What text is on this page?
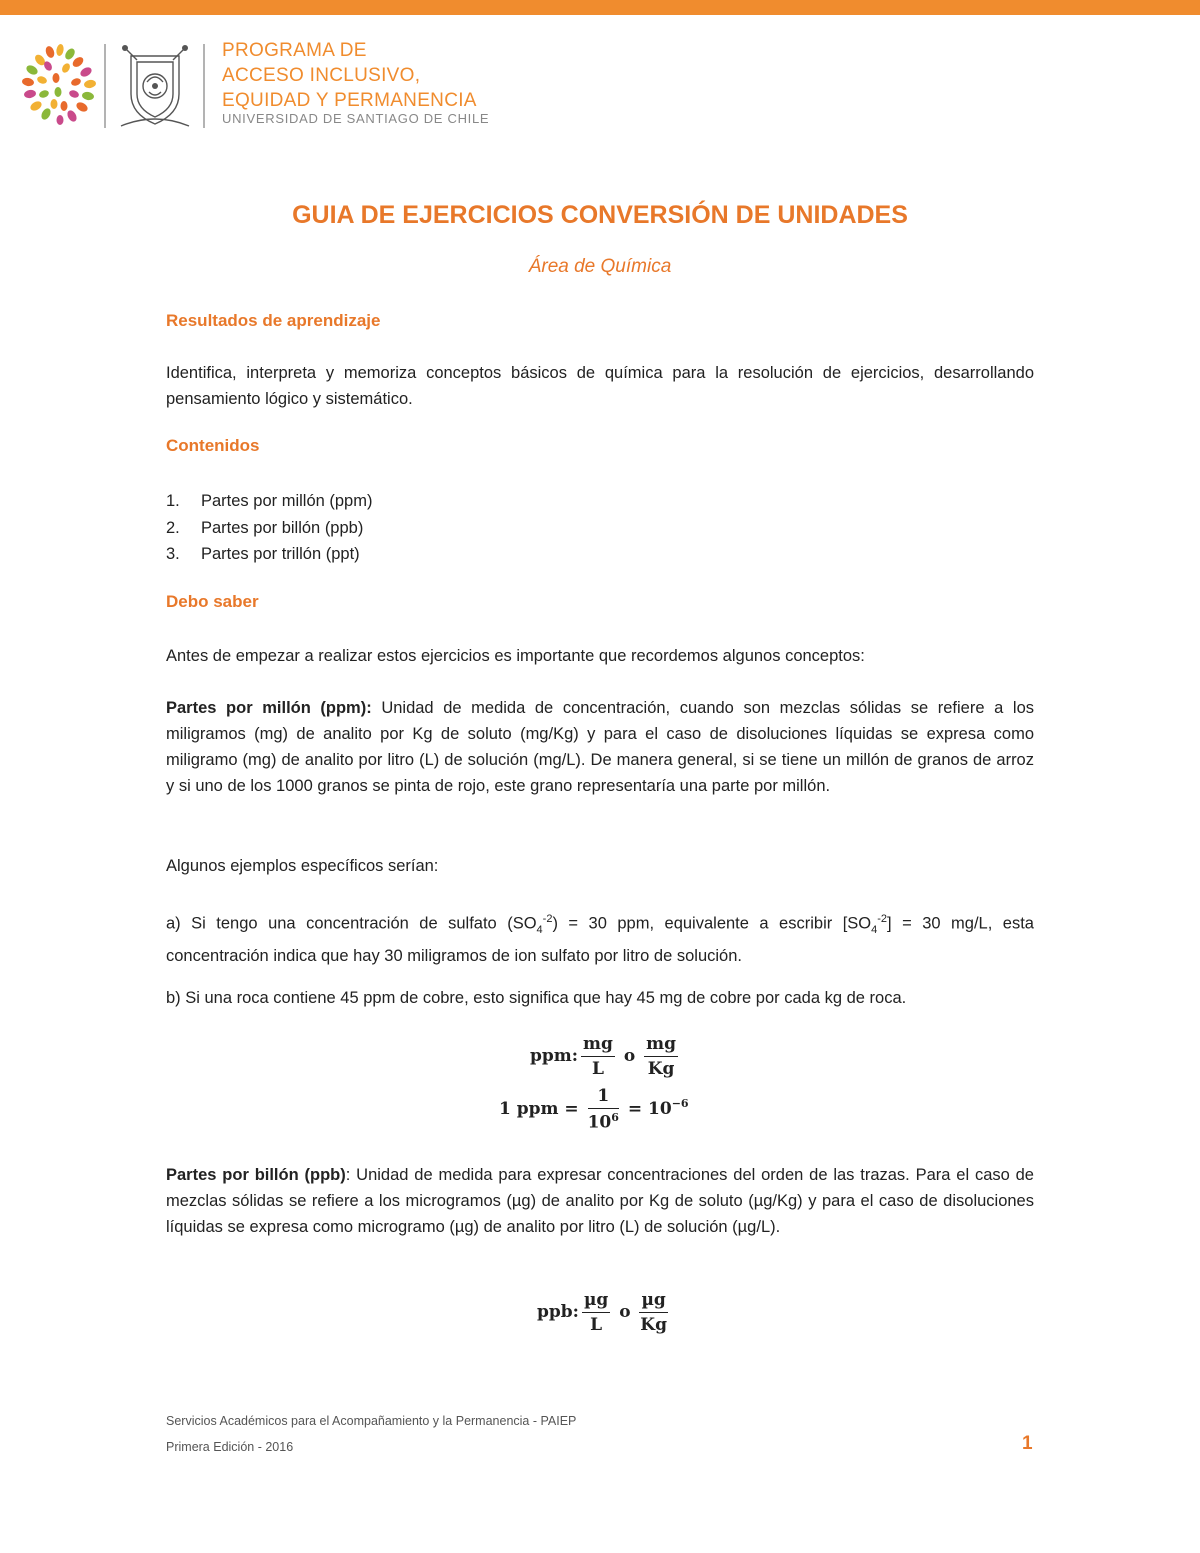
PROGRAMA DE
ACCESO INCLUSIVO,
EQUIDAD Y PERMANENCIA
UNIVERSIDAD DE SANTIAGO DE CHILE
GUIA DE EJERCICIOS CONVERSIÓN DE UNIDADES
Área de Química
Resultados de aprendizaje
Identifica, interpreta y memoriza conceptos básicos de química para la resolución de ejercicios, desarrollando pensamiento lógico y sistemático.
Contenidos
1. Partes por millón (ppm)
2. Partes por billón (ppb)
3. Partes por trillón (ppt)
Debo saber
Antes de empezar a realizar estos ejercicios es importante que recordemos algunos conceptos:
Partes por millón (ppm): Unidad de medida de concentración, cuando son mezclas sólidas se refiere a los miligramos (mg) de analito por Kg de soluto (mg/Kg) y para el caso de disoluciones líquidas se expresa como miligramo (mg) de analito por litro (L) de solución (mg/L). De manera general, si se tiene un millón de granos de arroz y si uno de los 1000 granos se pinta de rojo, este grano representaría una parte por millón.
Algunos ejemplos específicos serían:
a) Si tengo una concentración de sulfato $(SO_4^{-2}) = 30$ ppm, equivalente a escribir $[SO_4^{-2}] = 30$ mg/L, esta concentración indica que hay 30 miligramos de ion sulfato por litro de solución.
b) Si una roca contiene 45 ppm de cobre, esto significa que hay 45 mg de cobre por cada kg de roca.
ppm: $\frac{mg}{L}$ o $\frac{mg}{Kg}$
1 ppm = $\frac{1}{10^6} = 10^{-6}$
Partes por billón (ppb): Unidad de medida para expresar concentraciones del orden de las trazas. Para el caso de mezclas sólidas se refiere a los microgramos (µg) de analito por Kg de soluto (µg/Kg) y para el caso de disoluciones líquidas se expresa como microgramo (µg) de analito por litro (L) de solución (µg/L).
ppb: $\frac{\text{µg}}{L}$ o $\frac{\text{µg}}{Kg}$
Servicios Académicos para el Acompañamiento y la Permanencia - PAIEP
Primera Edición - 2016	1
